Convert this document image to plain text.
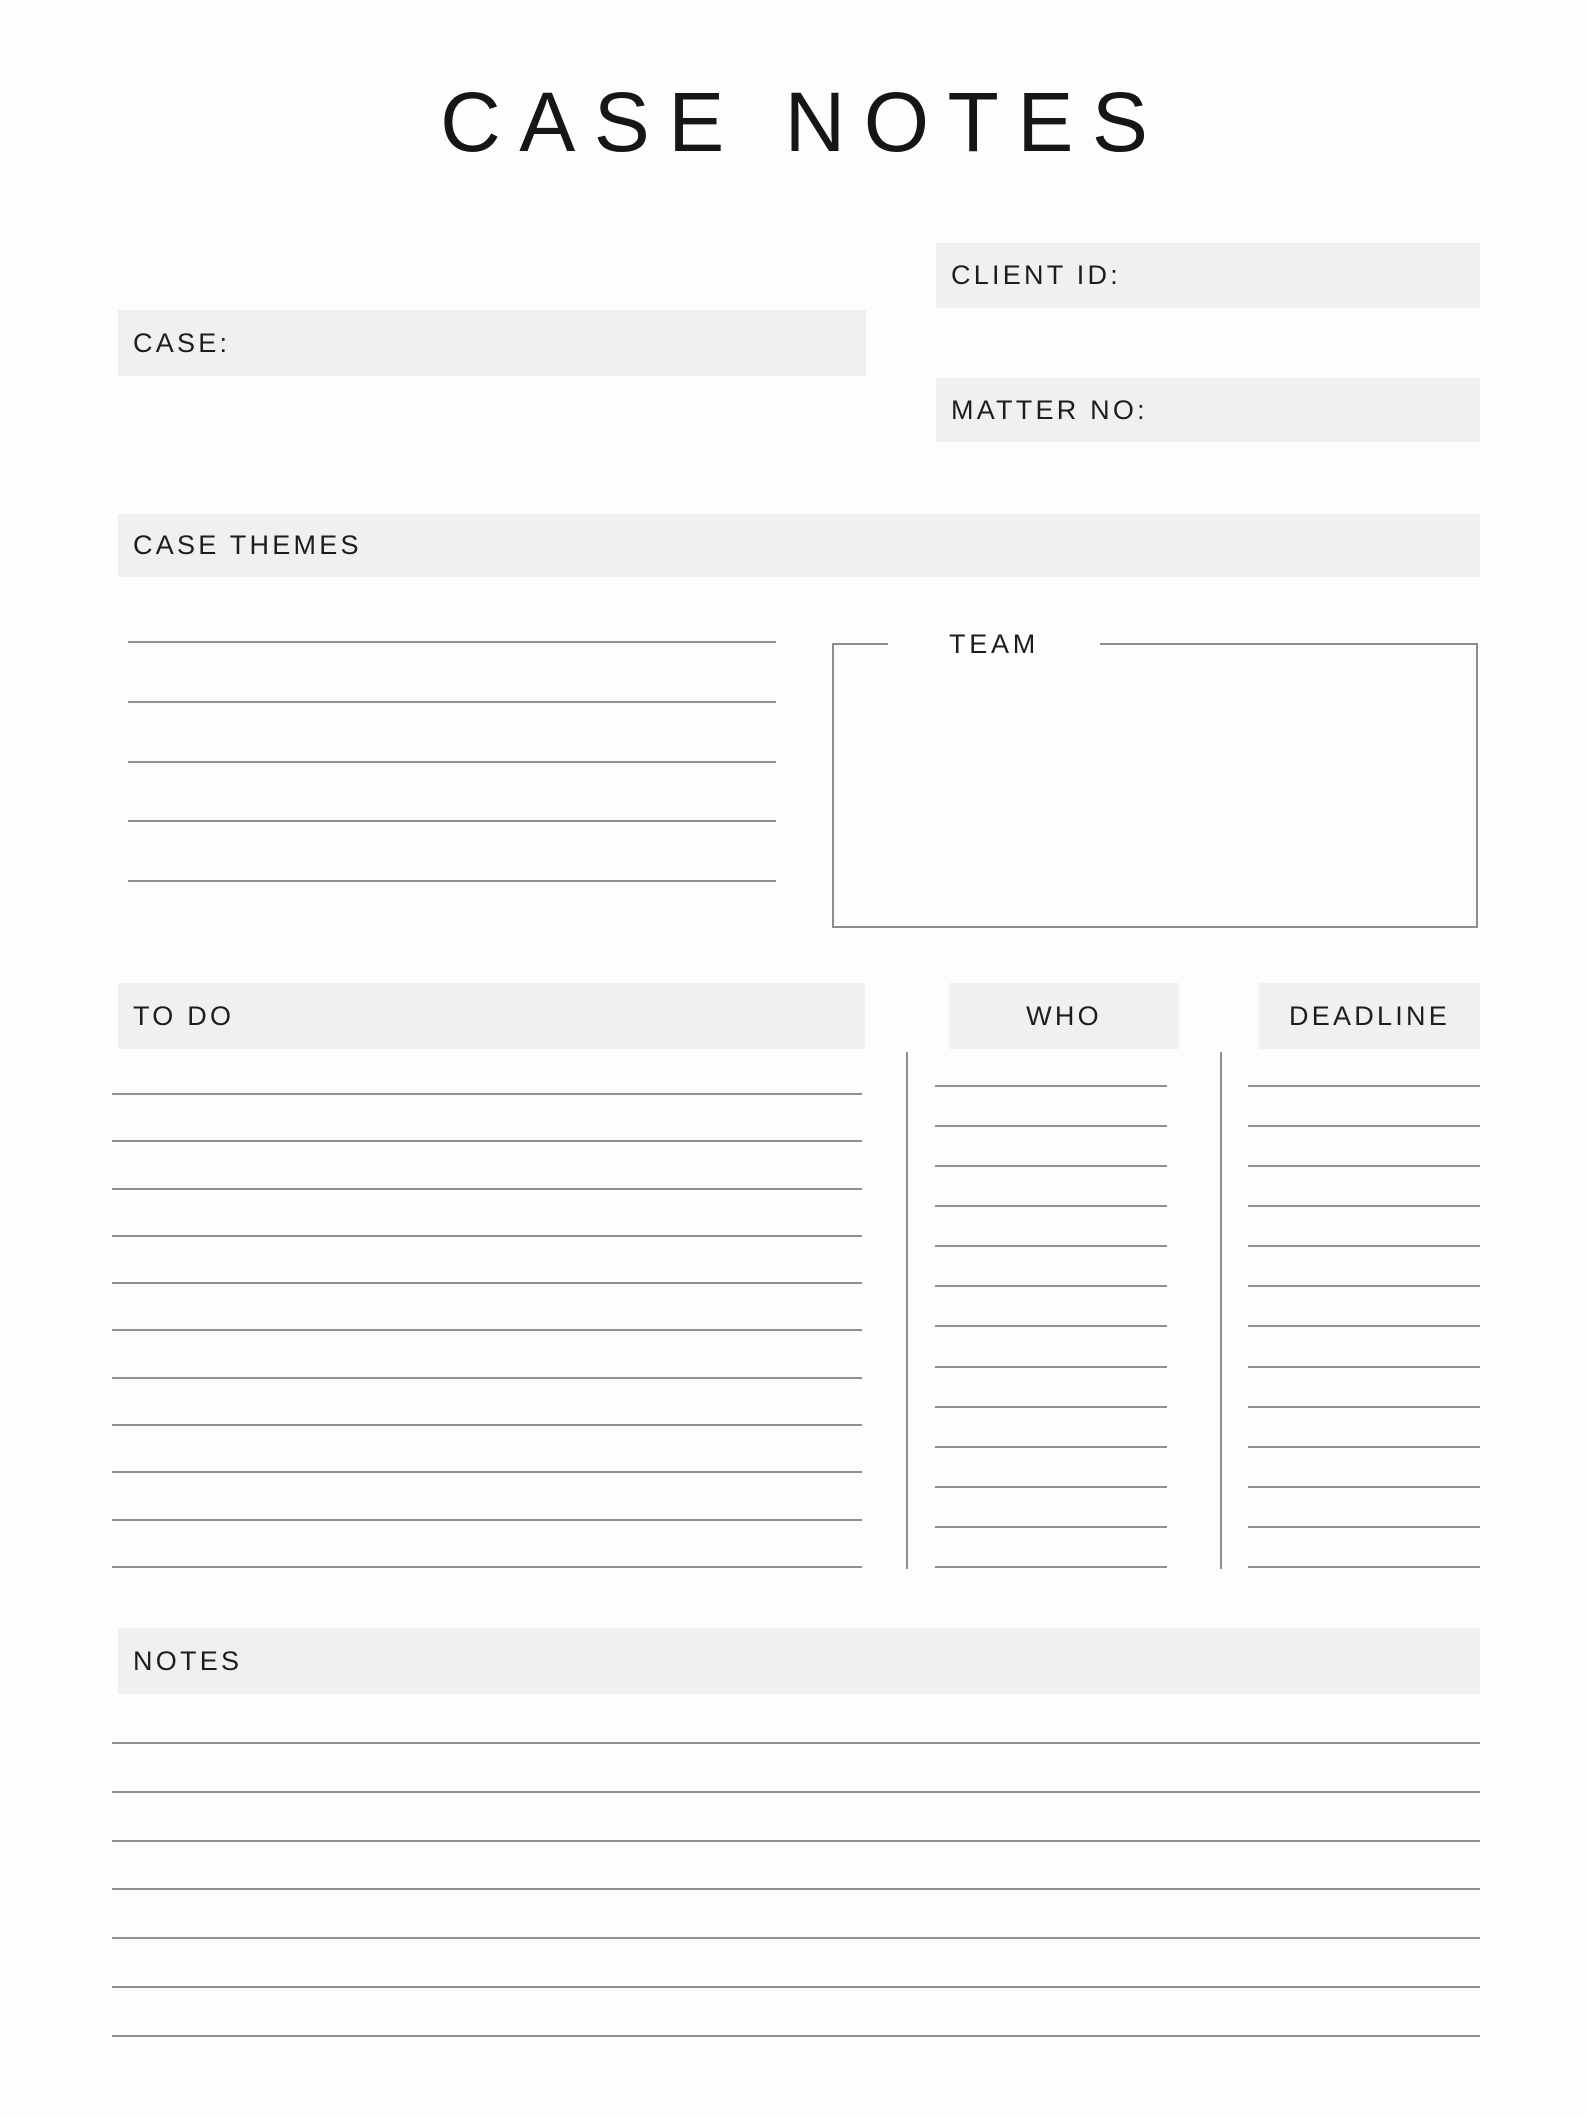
CASE NOTES
CLIENT ID:
CASE:
MATTER NO:
CASE THEMES
TEAM
TO DO	WHO	DEADLINE
NOTES
